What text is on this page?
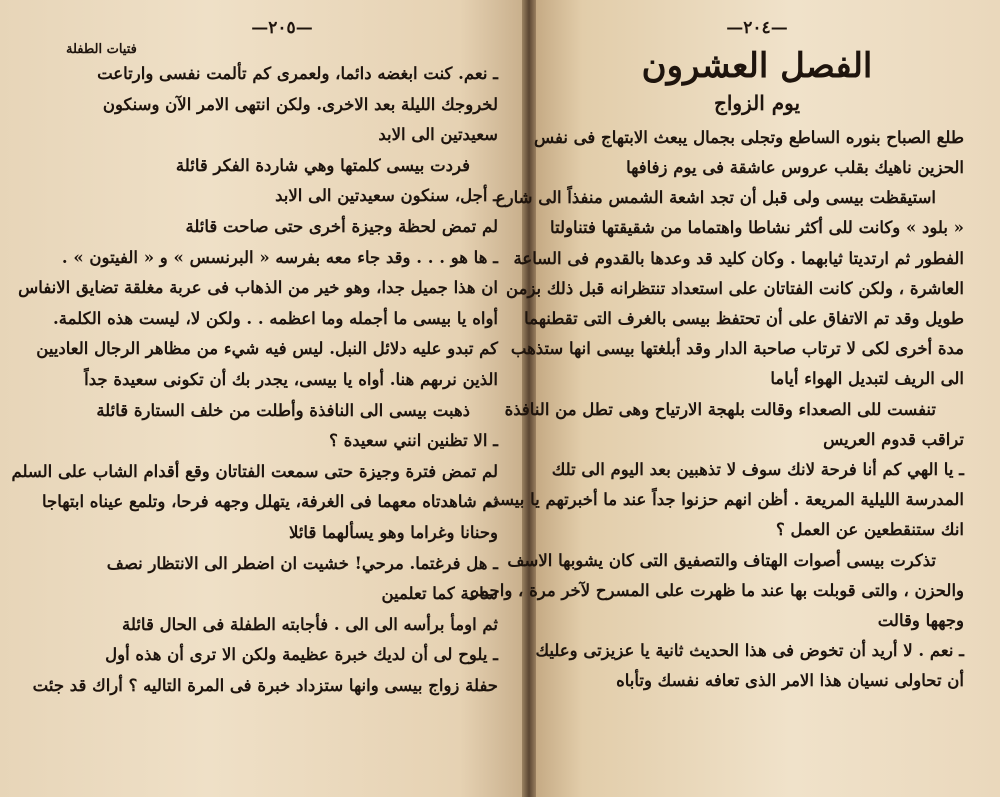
—٢٠٥—
فتيات الطفلة
ـ نعم. كنت ابغضه دائما، ولعمرى كم تألمت نفسى وارتاعت
لخروجك الليلة بعد الاخرى. ولكن انتهى الامر الآن وسنكون
سعيدتين الى الابد
فردت بيسى كلمتها وهي شاردة الفكر قائلة
ـ أجل، سنكون سعيدتين الى الابد
لم تمض لحظة وجيزة أخرى حتى صاحت قائلة
ـ ها هو . . . وقد جاء معه بفرسه « البرنسس » و « الفيتون » .
ان هذا جميل جدا، وهو خير من الذهاب فى عربة مغلقة تضايق الانفاس
أواه يا بيسى ما أجمله وما اعظمه . . ولكن لا، ليست هذه الكلمة.
كم تبدو عليه دلائل النبل. ليس فيه شيء من مظاهر الرجال العاديين
الذين نرىهم هنا. أواه يا بيسى، يجدر بك أن تكونى سعيدة جداً
ذهبت بيسى الى النافذة وأطلت من خلف الستارة قائلة
ـ الا تظنين انني سعيدة ؟
لم تمض فترة وجيزة حتى سمعت الفتاتان وقع أقدام الشاب على السلم
ثم شاهدتاه معهما فى الغرفة، يتهلل وجهه فرحا، وتلمع عيناه ابتهاجا
وحنانا وغراما وهو يسألهما قائلا
ـ هل فرغتما. مرحي! خشيت ان اضطر الى الانتظار نصف
ساعة كما تعلمين
ثم اومأ برأسه الى الى . فأجابته الطفلة فى الحال قائلة
ـ يلوح لى أن لديك خبرة عظيمة ولكن الا ترى أن هذه أول
حفلة زواج بيسى وانها ستزداد خبرة فى المرة التاليه ؟ أراك قد جئت
—٢٠٤—
الفصل العشرون
يوم الزواج
طلع الصباح بنوره الساطع وتجلى بجمال يبعث الابتهاج فى نفس
الحزين ناهيك بقلب عروس عاشقة فى يوم زفافها
استيقظت بيسى ولى قبل أن تجد اشعة الشمس منفذاً الى شارع
« بلود » وكانت للى أكثر نشاطا واهتماما من شقيقتها فتناولتا
الفطور ثم ارتديتا ثيابهما . وكان كليد قد وعدها بالقدوم فى الساعة
العاشرة ، ولكن كانت الفتاتان على استعداد تنتظرانه قبل ذلك بزمن
طويل وقد تم الاتفاق على أن تحتفظ بيسى بالغرف التى تقطنهما
مدة أخرى لكى لا ترتاب صاحبة الدار وقد أبلغتها بيسى انها ستذهب
الى الريف لتبديل الهواء أياما
تنفست للى الصعداء وقالت بلهجة الارتياح وهى تطل من النافذة
تراقب قدوم العريس
ـ يا الهي كم أنا فرحة لانك سوف لا تذهبين بعد اليوم الى تلك
المدرسة الليلية المريعة . أظن انهم حزنوا جداً عند ما أخبرتهم يا بيسى
انك ستنقطعين عن العمل ؟
تذكرت بيسى أصوات الهتاف والتصفيق التى كان يشوبها الاسف
والحزن ، والتى قوبلت بها عند ما ظهرت على المسرح لآخر مرة ، واحمر
وجهها وقالت
ـ نعم . لا أريد أن تخوض فى هذا الحديث ثانية يا عزيزتى وعليك
أن تحاولى نسيان هذا الامر الذى تعافه نفسك وتأباه
